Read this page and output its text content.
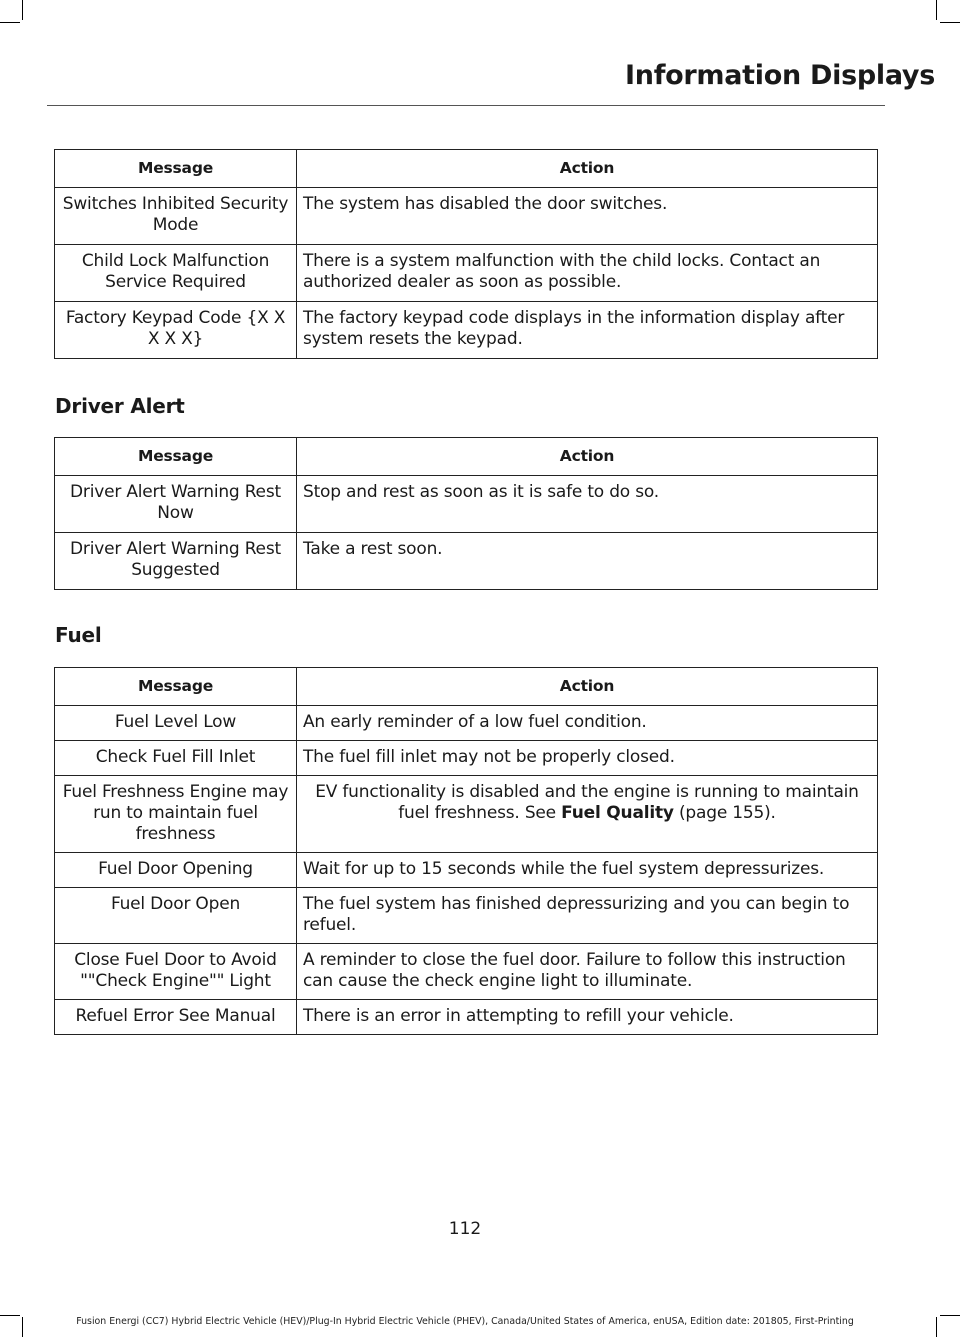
Information Displays
Message	Action
Switches Inhibited Security Mode	The system has disabled the door switches.
Child Lock Malfunction Service Required	There is a system malfunction with the child locks. Contact an authorized dealer as soon as possible.
Factory Keypad Code {X X X X X}	The factory keypad code displays in the information display after system resets the keypad.
Driver Alert
Message	Action
Driver Alert Warning Rest Now	Stop and rest as soon as it is safe to do so.
Driver Alert Warning Rest Suggested	Take a rest soon.
Fuel
Message	Action
Fuel Level Low	An early reminder of a low fuel condition.
Check Fuel Fill Inlet	The fuel fill inlet may not be properly closed.
Fuel Freshness Engine may run to maintain fuel freshness	EV functionality is disabled and the engine is running to maintain fuel freshness. See Fuel Quality (page 155).
Fuel Door Opening	Wait for up to 15 seconds while the fuel system depressurizes.
Fuel Door Open	The fuel system has finished depressurizing and you can begin to refuel.
Close Fuel Door to Avoid ""Check Engine"" Light	A reminder to close the fuel door. Failure to follow this instruction can cause the check engine light to illuminate.
Refuel Error See Manual	There is an error in attempting to refill your vehicle.
112
Fusion Energi (CC7) Hybrid Electric Vehicle (HEV)/Plug-In Hybrid Electric Vehicle (PHEV), Canada/United States of America, enUSA, Edition date: 201805, First-Printing
